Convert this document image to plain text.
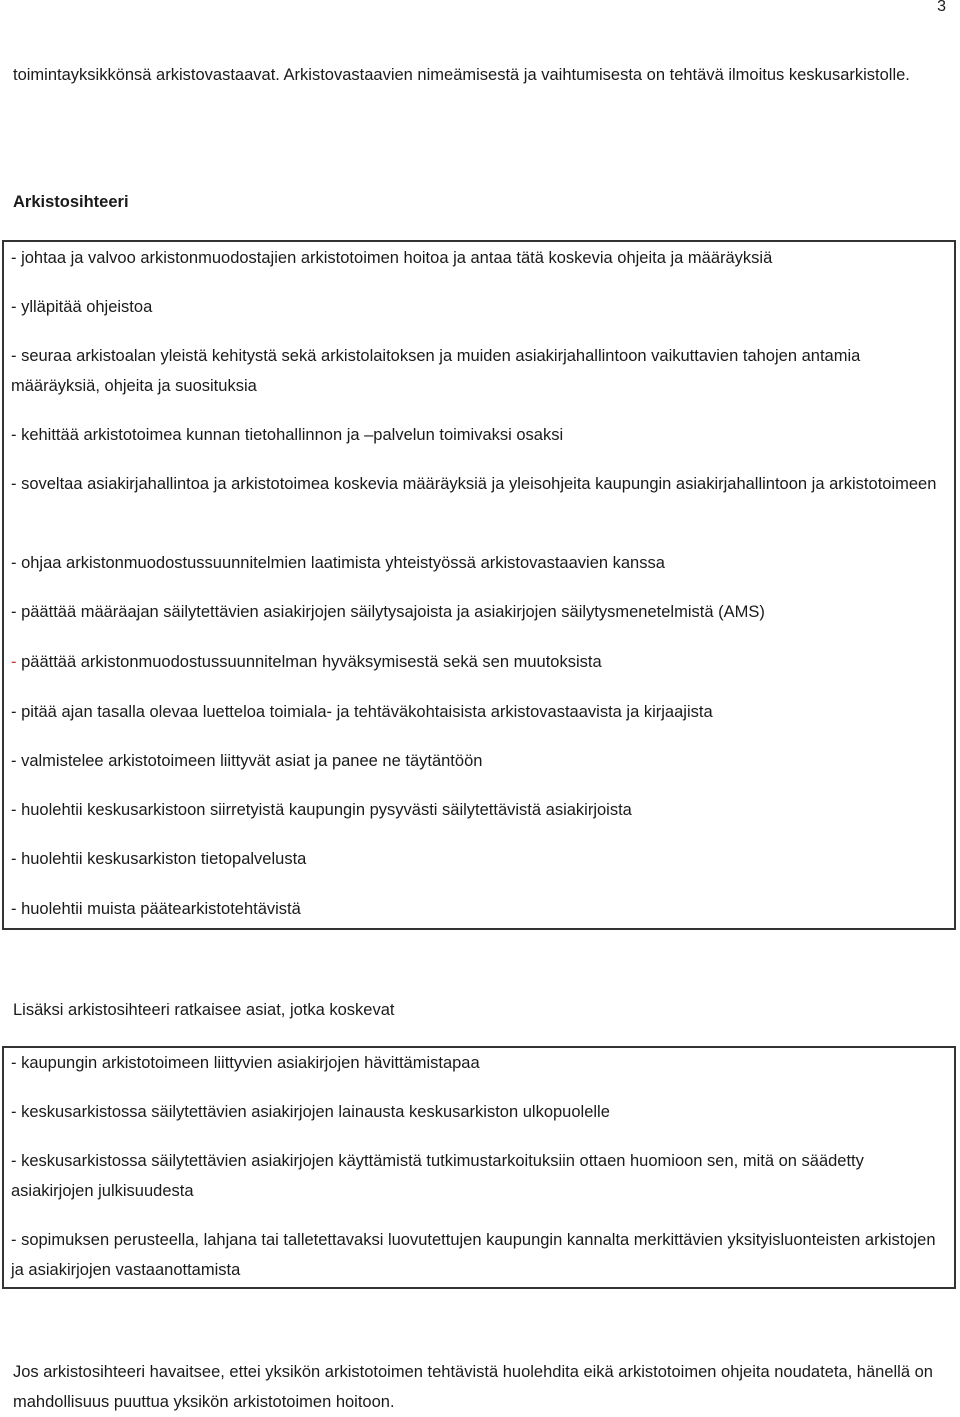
3

toimintayksikkönsä arkistovastaavat. Arkistovastaavien nimeämisestä ja vaihtumisesta on tehtävä ilmoitus keskusarkistolle.

Arkistosihteeri

- johtaa ja valvoo arkistonmuodostajien arkistotoimen hoitoa ja antaa tätä koskevia ohjeita ja määräyksiä

- ylläpitää ohjeistoa

- seuraa arkistoalan yleistä kehitystä sekä arkistolaitoksen ja muiden asiakirjahallintoon vaikuttavien tahojen antamia määräyksiä, ohjeita ja suosituksia

- kehittää arkistotoimea kunnan tietohallinnon ja –palvelun toimivaksi osaksi

- soveltaa asiakirjahallintoa ja arkistotoimea koskevia määräyksiä ja yleisohjeita kaupungin asiakirjahallintoon ja arkistotoimeen

- ohjaa arkistonmuodostussuunnitelmien laatimista yhteistyössä arkistovastaavien kanssa

- päättää määräajan säilytettävien asiakirjojen säilytysajoista ja asiakirjojen säilytysmenetelmistä (AMS)

- päättää arkistonmuodostussuunnitelman hyväksymisestä sekä sen muutoksista

- pitää ajan tasalla olevaa luetteloa toimiala- ja tehtäväkohtaisista arkistovastaavista ja kirjaajista

- valmistelee arkistotoimeen liittyvät asiat ja panee ne täytäntöön

- huolehtii keskusarkistoon siirretyistä kaupungin pysyvästi säilytettävistä asiakirjoista

- huolehtii keskusarkiston tietopalvelusta

- huolehtii muista päätearkistotehtävistä

Lisäksi arkistosihteeri ratkaisee asiat, jotka koskevat

- kaupungin arkistotoimeen liittyvien asiakirjojen hävittämistapaa

- keskusarkistossa säilytettävien asiakirjojen lainausta keskusarkiston ulkopuolelle

- keskusarkistossa säilytettävien asiakirjojen käyttämistä tutkimustarkoituksiin ottaen huomioon sen, mitä on säädetty asiakirjojen julkisuudesta

- sopimuksen perusteella, lahjana tai talletettavaksi luovutettujen kaupungin kannalta merkittävien yksityisluonteisten arkistojen ja asiakirjojen vastaanottamista

Jos arkistosihteeri havaitsee, ettei yksikön arkistotoimen tehtävistä huolehdita eikä arkistotoimen ohjeita noudateta, hänellä on mahdollisuus puuttua yksikön arkistotoimen hoitoon.
